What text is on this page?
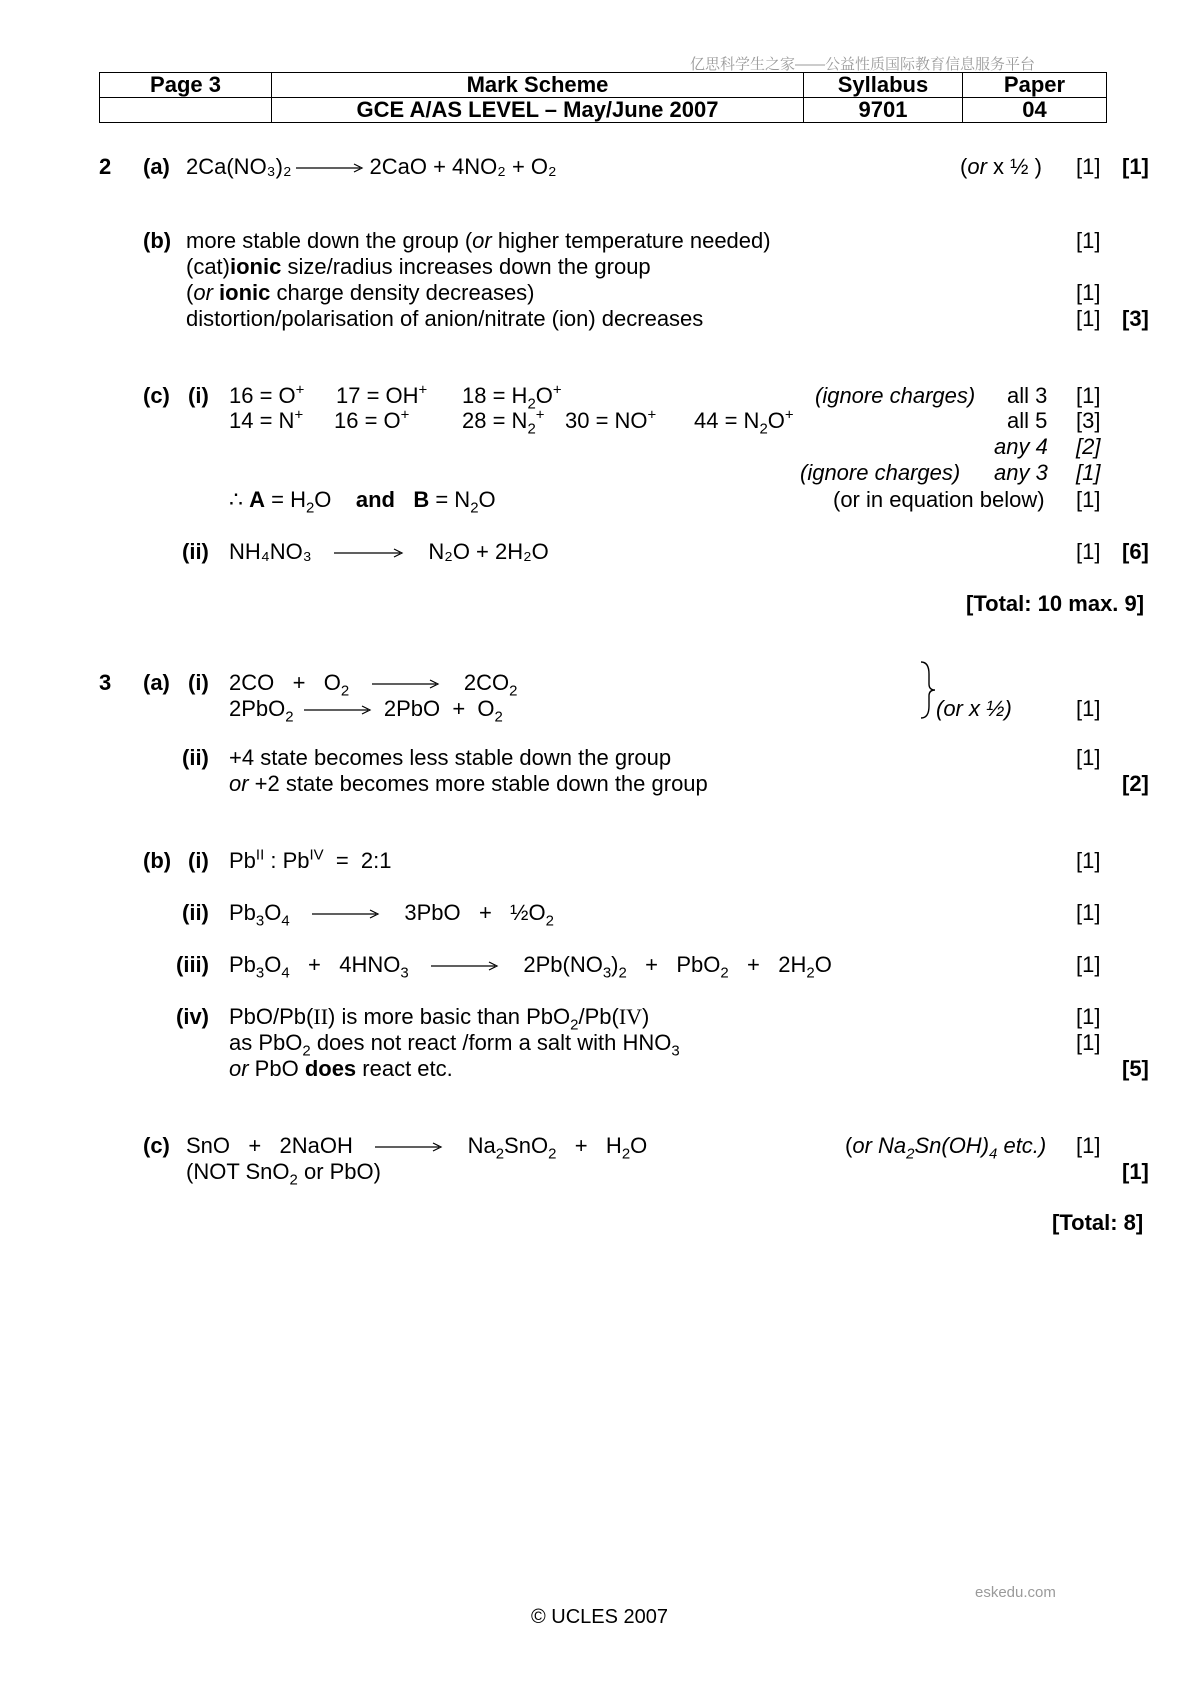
亿思科学生之家——公益性质国际教育信息服务平台
Page 3	Mark Scheme	Syllabus	Paper
	GCE A/AS LEVEL – May/June 2007	9701	04
2 (a) 2Ca(NO₃)₂ → 2CaO + 4NO₂ + O₂	(or x ½ ) [1] [1]
(b) more stable down the group (or higher temperature needed)	[1]
(cat)ionic size/radius increases down the group
(or ionic charge density decreases)	[1]
distortion/polarisation of anion/nitrate (ion) decreases	[1] [3]
(c) (i) 16 = O+ 17 = OH+ $18 = H_2O^+$	(ignore charges) all 3 [1]
14 = N+ 16 = O+ $28 = N_2^+$ 30 = NO+ $44 = N_2O^+$	all 5 [3]
any 4 [2]
(ignore charges) any 3 [1]
∴ $A = H_2O$    and $B = N_2O$	(or in equation below) [1]
(ii) NH₄NO₃ → N₂O + 2H₂O	[1] [6]
[Total: 10 max. 9]
3 (a) (i) $2CO + O_2 \to 2CO_2$
$2PbO_2 \to 2PbO + O_2$	(or x ½)	[1]
(ii) +4 state becomes less stable down the group	[1]
or +2 state becomes more stable down the group	[2]
(b) (i) $Pb^{II}$ : $Pb^{IV}$  =  2:1	[1]
(ii) $Pb_3O_4 \to 3PbO$   +   $\frac{1}{2}O_2$	[1]
(iii) $Pb_3O_4 + 4HNO_3 \to 2Pb(NO_3)_2 + PbO_2 + 2H_2O$	[1]
(iv) PbO/Pb(II) is more basic than PbO$_2$/Pb(IV)	[1]
as PbO$_2$ does not react /form a salt with $HNO_3$	[1]
or PbO does react etc.	[5]
(c) SnO   +   2NaOH → $Na_2SnO_2 + H_2O$	(or $Na_2Sn(OH)_4$ etc.) [1]
(NOT SnO$_2$ or PbO)	[1]
[Total: 8]
eskedu.com
© UCLES 2007
